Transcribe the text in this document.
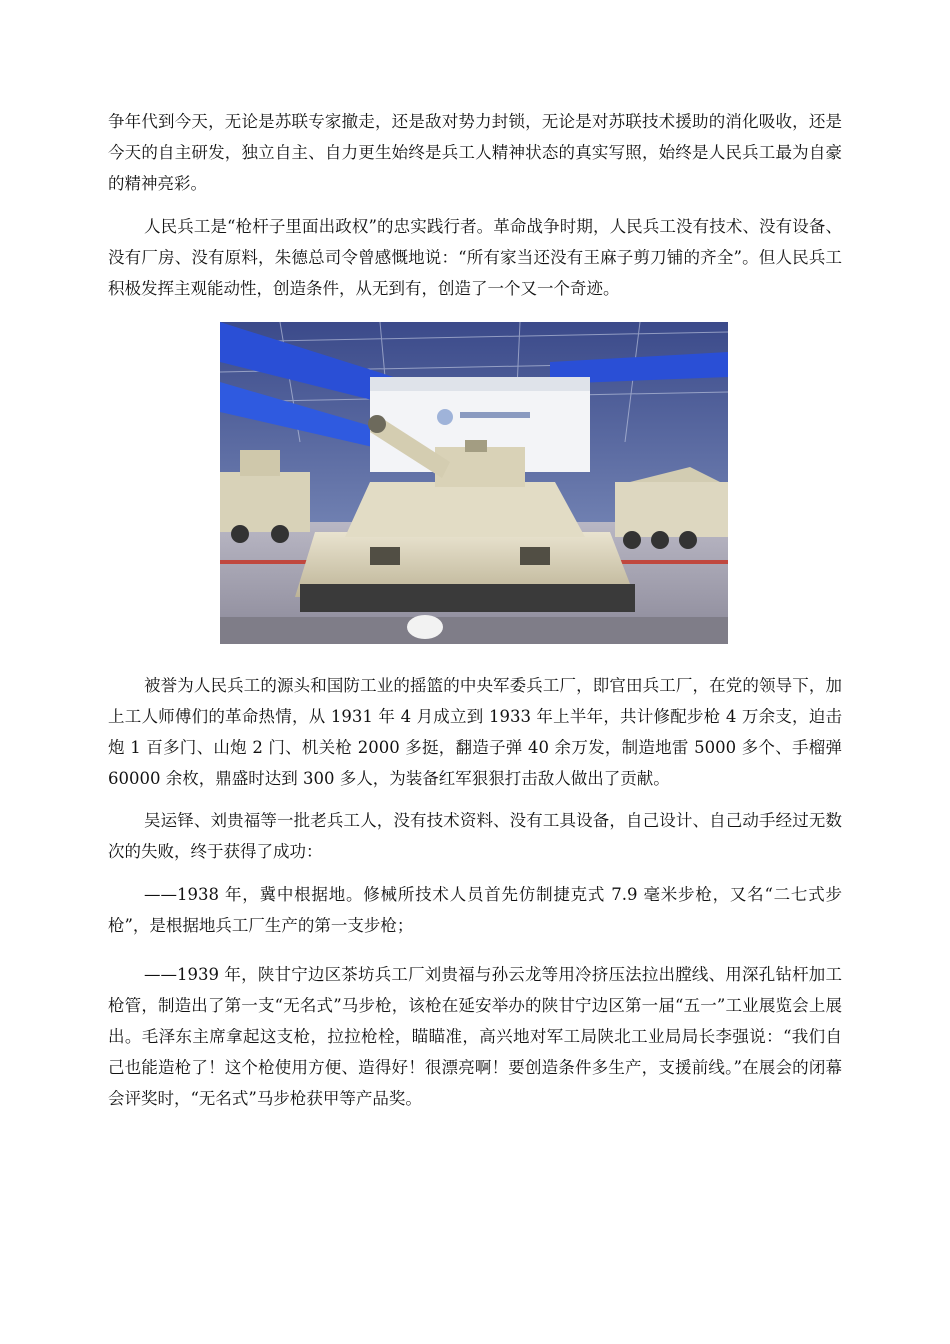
争年代到今天，无论是苏联专家撤走，还是敌对势力封锁，无论是对苏联技术援助的消化吸收，还是今天的自主研发，独立自主、自力更生始终是兵工人精神状态的真实写照，始终是人民兵工最为自豪的精神亮彩。

人民兵工是“枪杆子里面出政权”的忠实践行者。革命战争时期，人民兵工没有技术、没有设备、没有厂房、没有原料，朱德总司令曾感慨地说：“所有家当还没有王麻子剪刀铺的齐全”。但人民兵工积极发挥主观能动性，创造条件，从无到有，创造了一个又一个奇迹。

被誉为人民兵工的源头和国防工业的摇篮的中央军委兵工厂，即官田兵工厂，在党的领导下，加上工人师傅们的革命热情，从 1931 年 4 月成立到 1933 年上半年，共计修配步枪 4 万余支，迫击炮 1 百多门、山炮 2 门、机关枪 2000 多挺，翻造子弹 40 余万发，制造地雷 5000 多个、手榴弹 60000 余枚，鼎盛时达到 300 多人，为装备红军狠狠打击敌人做出了贡献。

吴运铎、刘贵福等一批老兵工人，没有技术资料、没有工具设备，自己设计、自己动手经过无数次的失败，终于获得了成功：

——1938 年，冀中根据地。修械所技术人员首先仿制捷克式 7.9 毫米步枪，又名“二七式步枪”，是根据地兵工厂生产的第一支步枪；

——1939 年，陕甘宁边区茶坊兵工厂刘贵福与孙云龙等用冷挤压法拉出膛线、用深孔钻杆加工枪管，制造出了第一支“无名式”马步枪，该枪在延安举办的陕甘宁边区第一届“五一”工业展览会上展出。毛泽东主席拿起这支枪，拉拉枪栓，瞄瞄准，高兴地对军工局陕北工业局局长李强说：“我们自己也能造枪了！这个枪使用方便、造得好！很漂亮啊！要创造条件多生产，支援前线。”在展会的闭幕会评奖时，“无名式”马步枪获甲等产品奖。
